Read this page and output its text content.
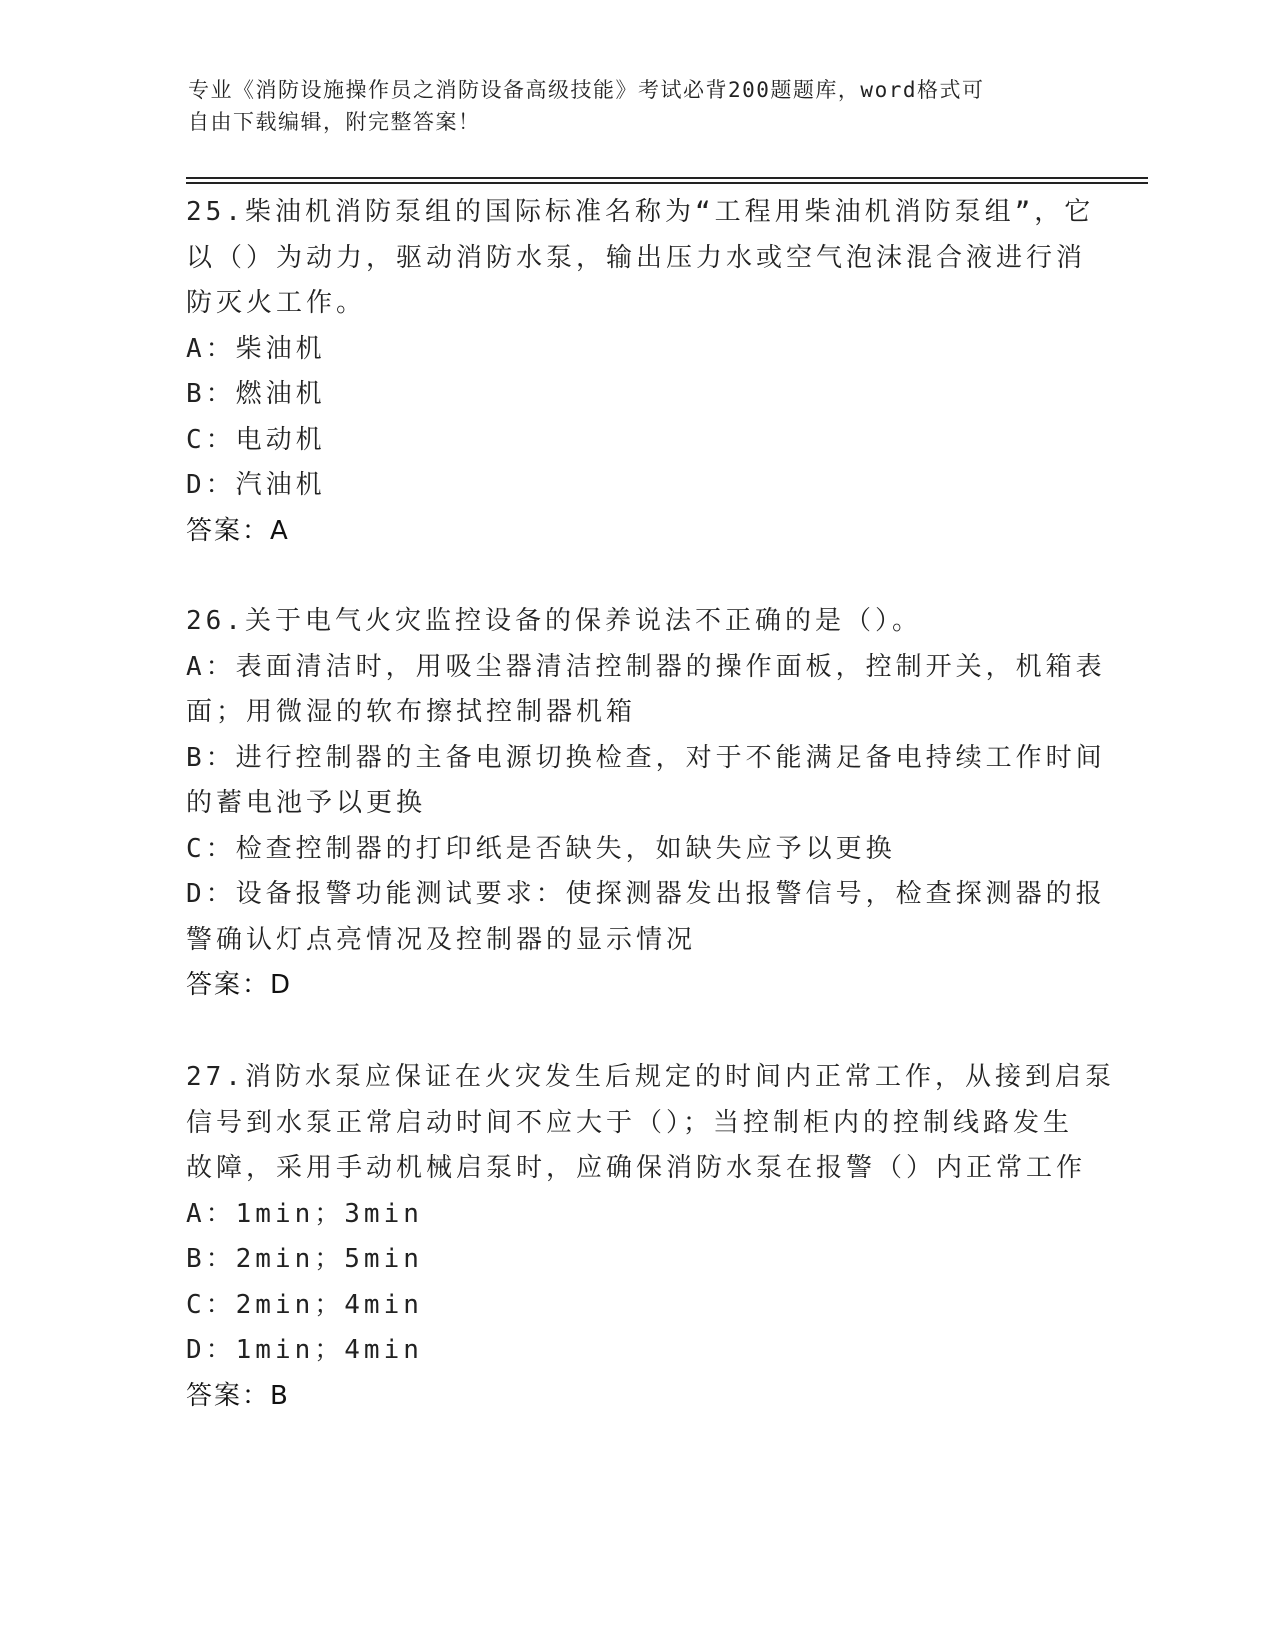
专业《消防设施操作员之消防设备高级技能》考试必背200题题库，word格式可
自由下载编辑，附完整答案！
25.柴油机消防泵组的国际标准名称为“工程用柴油机消防泵组”，它
以（）为动力，驱动消防水泵，输出压力水或空气泡沫混合液进行消
防灭火工作。
A：柴油机
B：燃油机
C：电动机
D：汽油机
答案：A
26.关于电气火灾监控设备的保养说法不正确的是（）。
A：表面清洁时，用吸尘器清洁控制器的操作面板，控制开关，机箱表
面；用微湿的软布擦拭控制器机箱
B：进行控制器的主备电源切换检查，对于不能满足备电持续工作时间
的蓄电池予以更换
C：检查控制器的打印纸是否缺失，如缺失应予以更换
D：设备报警功能测试要求：使探测器发出报警信号，检查探测器的报
警确认灯点亮情况及控制器的显示情况
答案：D
27.消防水泵应保证在火灾发生后规定的时间内正常工作，从接到启泵
信号到水泵正常启动时间不应大于（）；当控制柜内的控制线路发生
故障，采用手动机械启泵时，应确保消防水泵在报警（）内正常工作
A：1min；3min
B：2min；5min
C：2min；4min
D：1min；4min
答案：B
